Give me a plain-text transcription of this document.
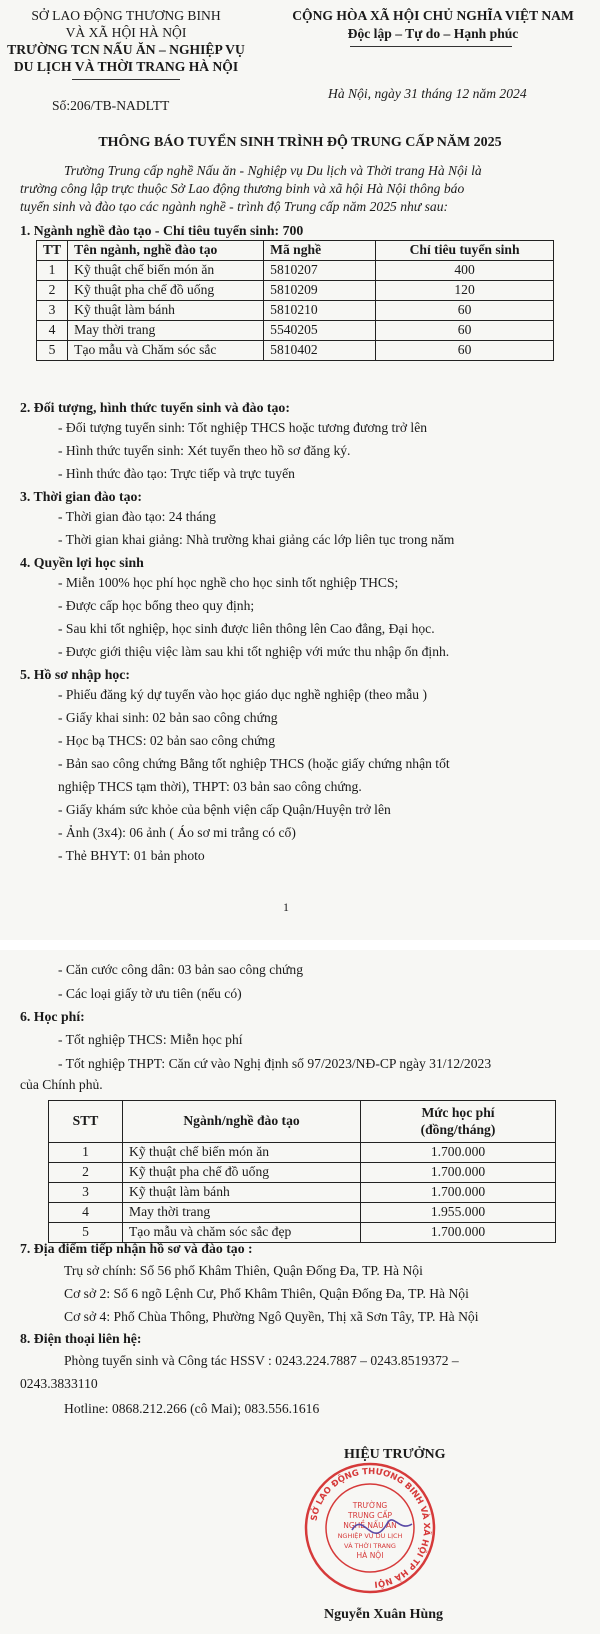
SỞ LAO ĐỘNG THƯƠNG BINH
VÀ XÃ HỘI HÀ NỘI
TRƯỜNG TCN NẤU ĂN – NGHIỆP VỤ
DU LỊCH VÀ THỜI TRANG HÀ NỘI
Số:206/TB-NADLTT
CỘNG HÒA XÃ HỘI CHỦ NGHĨA VIỆT NAM
Độc lập – Tự do – Hạnh phúc
Hà Nội, ngày 31 tháng 12 năm 2024
THÔNG BÁO TUYỂN SINH TRÌNH ĐỘ TRUNG CẤP NĂM 2025
Trường Trung cấp nghề Nấu ăn - Nghiệp vụ Du lịch và Thời trang Hà Nội là
trường công lập trực thuộc Sở Lao động thương binh và xã hội Hà Nội thông báo
tuyển sinh và đào tạo các ngành nghề - trình độ Trung cấp năm 2025 như sau:
1. Ngành nghề đào tạo - Chỉ tiêu tuyển sinh: 700
TT	Tên ngành, nghề đào tạo	Mã nghề	Chỉ tiêu tuyển sinh
1	Kỹ thuật chế biến món ăn	5810207	400
2	Kỹ thuật pha chế đồ uống	5810209	120
3	Kỹ thuật làm bánh	5810210	60
4	May thời trang	5540205	60
5	Tạo mẫu và Chăm sóc sắc	5810402	60
2. Đối tượng, hình thức tuyển sinh và đào tạo:
- Đối tượng tuyển sinh: Tốt nghiệp THCS hoặc tương đương trở lên
- Hình thức tuyển sinh: Xét tuyển theo hồ sơ đăng ký.
- Hình thức đào tạo: Trực tiếp và trực tuyến
3. Thời gian đào tạo:
- Thời gian đào tạo: 24 tháng
- Thời gian khai giảng: Nhà trường khai giảng các lớp liên tục trong năm
4. Quyền lợi học sinh
- Miễn 100% học phí học nghề cho học sinh tốt nghiệp THCS;
- Được cấp học bổng theo quy định;
- Sau khi tốt nghiệp, học sinh được liên thông lên Cao đẳng, Đại học.
- Được giới thiệu việc làm sau khi tốt nghiệp với mức thu nhập ổn định.
5. Hồ sơ nhập học:
- Phiếu đăng ký dự tuyển vào học giáo dục nghề nghiệp (theo mẫu )
- Giấy khai sinh: 02 bản sao công chứng
- Học bạ THCS: 02 bản sao công chứng
- Bản sao công chứng Bằng tốt nghiệp THCS (hoặc giấy chứng nhận tốt
nghiệp THCS tạm thời), THPT: 03 bản sao công chứng.
- Giấy khám sức khỏe của bệnh viện cấp Quận/Huyện trở lên
- Ảnh (3x4): 06 ảnh ( Áo sơ mi trắng có cổ)
- Thẻ BHYT: 01 bản photo
1
- Căn cước công dân: 03 bản sao công chứng
- Các loại giấy tờ ưu tiên (nếu có)
6. Học phí:
- Tốt nghiệp THCS: Miễn học phí
- Tốt nghiệp THPT: Căn cứ vào Nghị định số 97/2023/NĐ-CP ngày 31/12/2023
của Chính phủ.
STT	Ngành/nghề đào tạo	Mức học phí
(đồng/tháng)

1	Kỹ thuật chế biến món ăn	1.700.000
2	Kỹ thuật pha chế đồ uống	1.700.000
3	Kỹ thuật làm bánh	1.700.000
4	May thời trang	1.955.000
5	Tạo mẫu và chăm sóc sắc đẹp	1.700.000
7. Địa điểm tiếp nhận hồ sơ và đào tạo :
Trụ sở chính: Số 56 phố Khâm Thiên, Quận Đống Đa, TP. Hà Nội
Cơ sở 2: Số 6 ngõ Lệnh Cư, Phố Khâm Thiên, Quận Đống Đa, TP. Hà Nội
Cơ sở 4: Phố Chùa Thông, Phường Ngô Quyền, Thị xã Sơn Tây, TP. Hà Nội
8. Điện thoại liên hệ:
Phòng tuyển sinh và Công tác HSSV : 0243.224.7887 – 0243.8519372 –
0243.3833110
Hotline: 0868.212.266 (cô Mai); 083.556.1616
HIỆU TRƯỞNG
SỞ LAO ĐỘNG THƯƠNG BINH VÀ XÃ HỘI TP HÀ NỘI
TRƯỜNG
TRUNG CẤP
NGHỀ NẤU ĂN
NGHIỆP VỤ DU LỊCH
VÀ THỜI TRANG
HÀ NỘI
Nguyễn Xuân Hùng
